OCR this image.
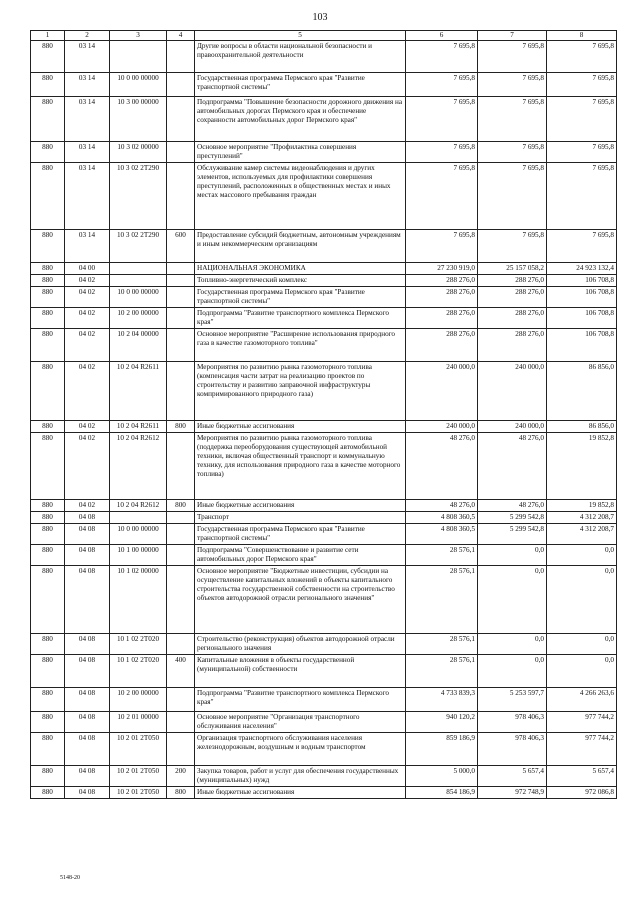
103
1	2	3	4	5	6	7	8
880	03 14			Другие вопросы в области национальной безопасности и правоохранительной деятельности	7 695,8	7 695,8	7 695,8
880	03 14	10 0 00 00000		Государственная программа Пермского края "Развитие транспортной системы"	7 695,8	7 695,8	7 695,8
880	03 14	10 3 00 00000		Подпрограмма "Повышение безопасности дорожного движения на автомобильных дорогах Пермского края и обеспечение сохранности автомобильных дорог Пермского края"	7 695,8	7 695,8	7 695,8
880	03 14	10 3 02 00000		Основное мероприятие "Профилактика совершения преступлений"	7 695,8	7 695,8	7 695,8
880	03 14	10 3 02 2Т290		Обслуживание камер системы видеонаблюдения и других элементов, используемых для профилактики совершения преступлений, расположенных в общественных местах и иных местах массового пребывания граждан	7 695,8	7 695,8	7 695,8
880	03 14	10 3 02 2Т290	600	Предоставление субсидий бюджетным, автономным учреждениям и иным некоммерческим организациям	7 695,8	7 695,8	7 695,8
880	04 00			НАЦИОНАЛЬНАЯ ЭКОНОМИКА	27 230 919,0	25 157 058,2	24 923 132,4
880	04 02			Топливно-энергетический комплекс	288 276,0	288 276,0	106 708,8
880	04 02	10 0 00 00000		Государственная программа Пермского края "Развитие транспортной системы"	288 276,0	288 276,0	106 708,8
880	04 02	10 2 00 00000		Подпрограмма "Развитие транспортного комплекса Пермского края"	288 276,0	288 276,0	106 708,8
880	04 02	10 2 04 00000		Основное мероприятие "Расширение использования природного газа в качестве газомоторного топлива"	288 276,0	288 276,0	106 708,8
880	04 02	10 2 04 R2611		Мероприятия по развитию рынка газомоторного топлива (компенсация части затрат на реализацию проектов по строительству и развитию заправочной инфраструктуры компримированного природного газа)	240 000,0	240 000,0	86 856,0
880	04 02	10 2 04 R2611	800	Иные бюджетные ассигнования	240 000,0	240 000,0	86 856,0
880	04 02	10 2 04 R2612		Мероприятия по развитию рынка газомоторного топлива (поддержка переоборудования существующей автомобильной техники, включая общественный транспорт и коммунальную технику, для использования природного газа в качестве моторного топлива)	48 276,0	48 276,0	19 852,8
880	04 02	10 2 04 R2612	800	Иные бюджетные ассигнования	48 276,0	48 276,0	19 852,8
880	04 08			Транспорт	4 808 360,5	5 299 542,8	4 312 208,7
880	04 08	10 0 00 00000		Государственная программа Пермского края "Развитие транспортной системы"	4 808 360,5	5 299 542,8	4 312 208,7
880	04 08	10 1 00 00000		Подпрограмма "Совершенствование и развитие сети автомобильных дорог Пермского края"	28 576,1	0,0	0,0
880	04 08	10 1 02 00000		Основное мероприятие "Бюджетные инвестиции, субсидии на осуществление капитальных вложений в объекты капитального строительства государственной собственности на строительство объектов автодорожной отрасли регионального значения"	28 576,1	0,0	0,0
880	04 08	10 1 02 2Т020		Строительство (реконструкция) объектов автодорожной отрасли регионального значения	28 576,1	0,0	0,0
880	04 08	10 1 02 2Т020	400	Капитальные вложения в объекты государственной (муниципальной) собственности	28 576,1	0,0	0,0
880	04 08	10 2 00 00000		Подпрограмма "Развитие транспортного комплекса Пермского края"	4 733 839,3	5 253 597,7	4 266 263,6
880	04 08	10 2 01 00000		Основное мероприятие "Организация транспортного обслуживания населения"	940 120,2	978 406,3	977 744,2
880	04 08	10 2 01 2Т050		Организация транспортного обслуживания населения железнодорожным, воздушным и водным транспортом	859 186,9	978 406,3	977 744,2
880	04 08	10 2 01 2Т050	200	Закупка товаров, работ и услуг для обеспечения государственных (муниципальных) нужд	5 000,0	5 657,4	5 657,4
880	04 08	10 2 01 2Т050	800	Иные бюджетные ассигнования	854 186,9	972 748,9	972 086,8
5148-20
